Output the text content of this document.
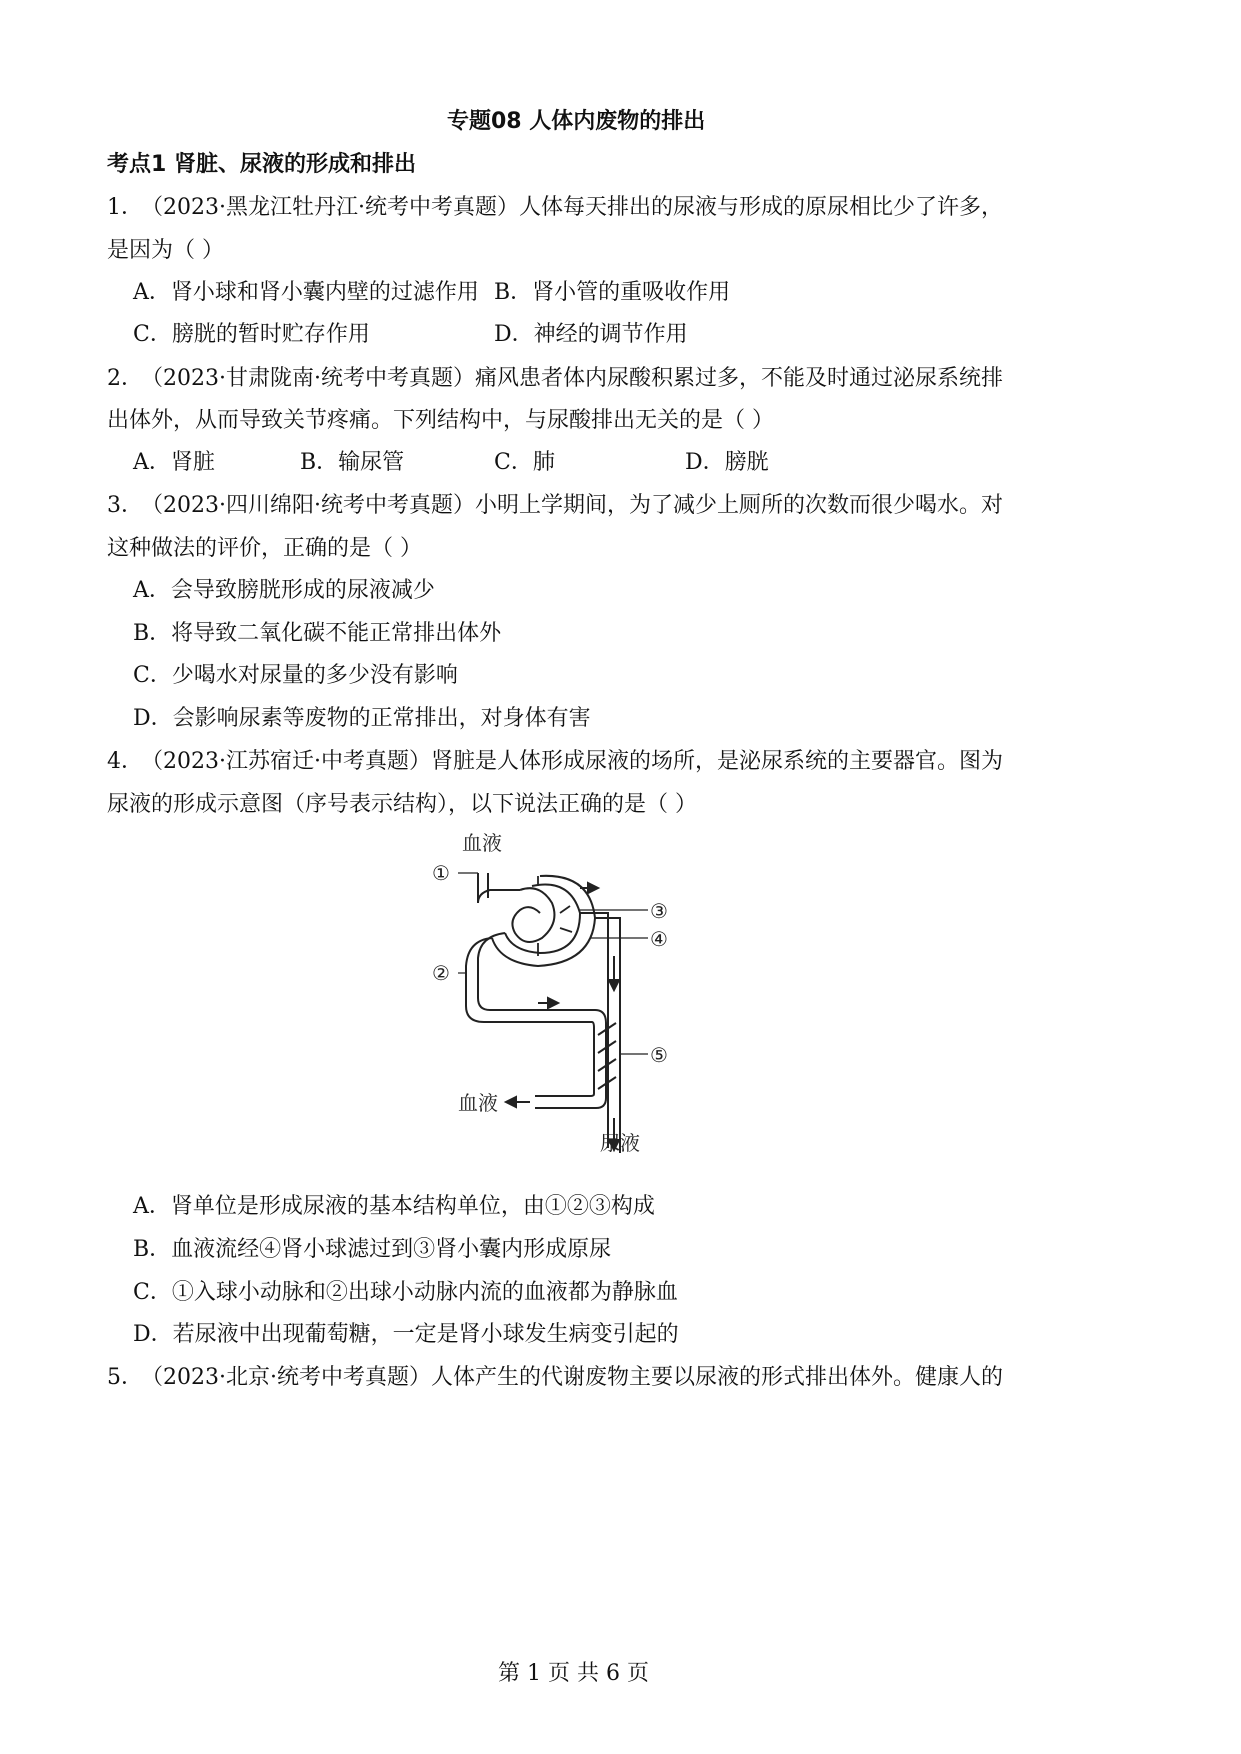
专题08 人体内废物的排出
考点1 肾脏、尿液的形成和排出
1．
（2023·黑龙江牡丹江·统考中考真题）人体每天排出的尿液与形成的原尿相比少了许多，
是因为（ ）
A．肾小球和肾小囊内壁的过滤作用 B．肾小管的重吸收作用
C．膀胱的暂时贮存作用	D．神经的调节作用
2．
（2023·甘肃陇南·统考中考真题）痛风患者体内尿酸积累过多，不能及时通过泌尿系统排
出体外，从而导致关节疼痛。下列结构中，与尿酸排出无关的是（ ）
A．肾脏	B．输尿管	C．肺	D．膀胱
3．
（2023·四川绵阳·统考中考真题）小明上学期间，为了减少上厕所的次数而很少喝水。对
这种做法的评价，正确的是（ ）
A．会导致膀胱形成的尿液减少
B．将导致二氧化碳不能正常排出体外
C．少喝水对尿量的多少没有影响
D．会影响尿素等废物的正常排出，对身体有害
4．
（2023·江苏宿迁·中考真题）肾脏是人体形成尿液的场所，是泌尿系统的主要器官。图为
尿液的形成示意图（序号表示结构），以下说法正确的是（ ）
血液
①
②
③
④
⑤
血液
尿液
A．肾单位是形成尿液的基本结构单位，由①②③构成
B．血液流经④肾小球滤过到③肾小囊内形成原尿
C．①入球小动脉和②出球小动脉内流的血液都为静脉血
D．若尿液中出现葡萄糖，一定是肾小球发生病变引起的
5．
（2023·北京·统考中考真题）人体产生的代谢废物主要以尿液的形式排出体外。健康人的
第 1 页 共 6 页
